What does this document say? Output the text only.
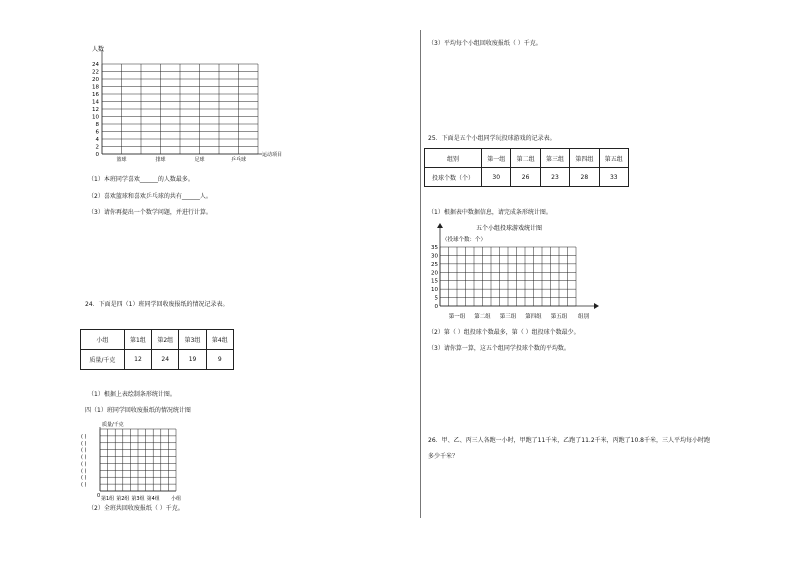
人数
24
22
20
18
16
14
12
10
8
6
4
2
0
篮球	排球	足球	乒乓球
运动项目
（1）本班同学喜欢______的人数最多。
（2）喜欢篮球和喜欢乒乓球的共有______人。
（3）请你再提出一个数学问题，并进行计算。
24．下面是四（1）班同学回收废报纸的情况记录表。
小组	第1组	第2组	第3组	第4组
质量/千克	12	24	19	9
（1）根据上表绘制条形统计图。
四（1）班同学回收废报纸的情况统计图
质量/千克
( )
( )
( )
( )
( )
( )
( )
( )
0 第1组 第2组 第3组 第4组 小组
（2）全班共回收废报纸（ ）千克。
（3）平均每个小组回收废报纸（ ）千克。
25．下面是五个小组同学玩投球游戏的记录表。
组别	第一组	第二组	第三组	第四组	第五组
投球个数（个）	30	26	23	28	33
（1）根据表中数据信息，请完成条形统计图。
五个小组投球游戏统计图
（投球个数：个）
35
30
25
20
15
10
5
0
第一组 第二组 第三组 第四组 第五组 组别
（2）第（ ）组投球个数最多，第（ ）组投球个数最少。
（3）请你算一算，这五个组同学投球个数的平均数。
26．甲、乙、丙三人各跑一小时，甲跑了11千米，乙跑了11.2千米，丙跑了10.8千米，三人平均每小时跑
多少千米？
